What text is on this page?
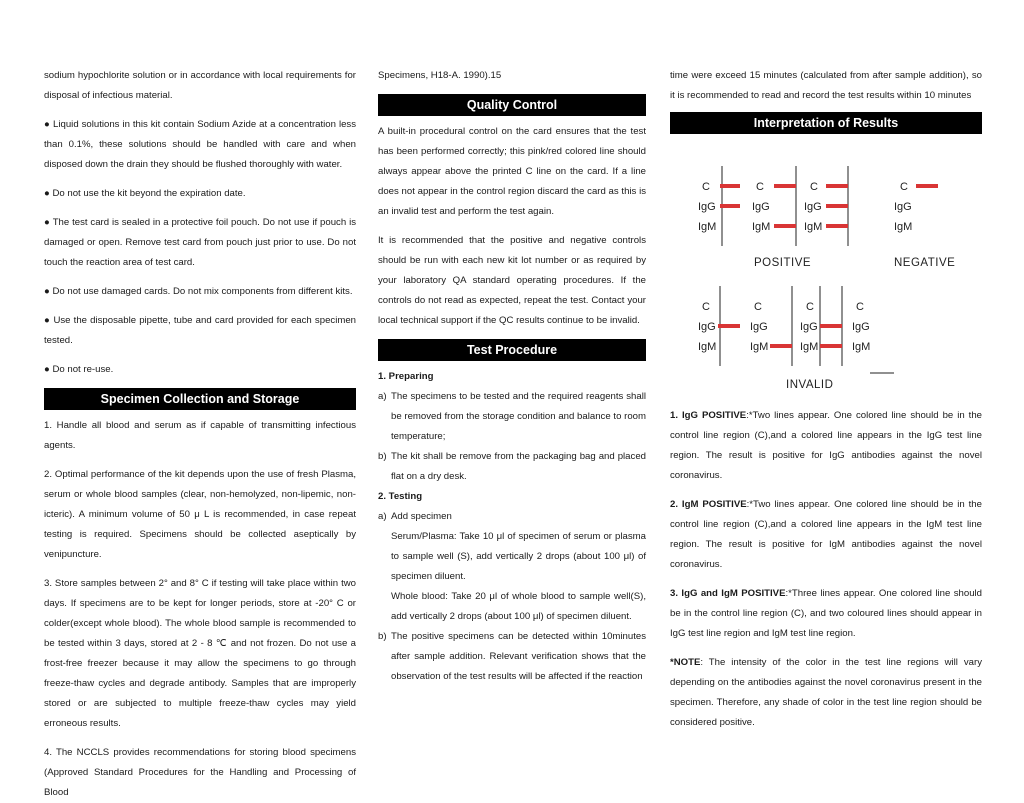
sodium hypochlorite solution or in accordance with local requirements for disposal of infectious material.

● Liquid solutions in this kit contain Sodium Azide at a concentration less than 0.1%, these solutions should be handled with care and when disposed down the drain they should be flushed thoroughly with water.

● Do not use the kit beyond the expiration date.

● The test card is sealed in a protective foil pouch. Do not use if pouch is damaged or open. Remove test card from pouch just prior to use. Do not touch the reaction area of test card.

● Do not use damaged cards. Do not mix components from different kits.

● Use the disposable pipette, tube and card provided for each specimen tested.

● Do not re-use.

Specimen Collection and Storage

1. Handle all blood and serum as if capable of transmitting infectious agents.

2. Optimal performance of the kit depends upon the use of fresh Plasma, serum or whole blood samples (clear, non-hemolyzed, non-lipemic, non-icteric). A minimum volume of 50 μ L is recommended, in case repeat testing is required. Specimens should be collected aseptically by venipuncture.

3. Store samples between 2° and 8° C if testing will take place within two days. If specimens are to be kept for longer periods, store at -20° C or colder(except whole blood). The whole blood sample is recommended to be tested within 3 days, stored at 2 - 8 ℃ and not frozen. Do not use a frost-free freezer because it may allow the specimens to go through freeze-thaw cycles and degrade antibody. Samples that are improperly stored or are subjected to multiple freeze-thaw cycles may yield erroneous results.

4. The NCCLS provides recommendations for storing blood specimens (Approved Standard Procedures for the Handling and Processing of Blood

Specimens, H18-A. 1990).15

Quality Control

A built-in procedural control on the card ensures that the test has been performed correctly; this pink/red colored line should always appear above the printed C line on the card. If a line does not appear in the control region discard the card as this is an invalid test and perform the test again.

It is recommended that the positive and negative controls should be run with each new kit lot number or as required by your laboratory QA standard operating procedures. If the controls do not read as expected, repeat the test. Contact your local technical support if the QC results continue to be invalid.

Test Procedure

1. Preparing

a) The specimens to be tested and the required reagents shall be removed from the storage condition and balance to room temperature;

b) The kit shall be remove from the packaging bag and placed flat on a dry desk.

2. Testing

a) Add specimen

Serum/Plasma: Take 10 μl of specimen of serum or plasma to sample well (S), add vertically 2 drops (about 100 μl) of specimen diluent.

Whole blood: Take 20 μl of whole blood to sample well(S), add vertically 2 drops (about 100 μl) of specimen diluent.

b) The positive specimens can be detected within 10minutes after sample addition. Relevant verification shows that the observation of the test results will be affected if the reaction

time were exceed 15 minutes (calculated from after sample addition), so it is recommended to read and record the test results within 10 minutes

Interpretation of Results
C
IgG
IgM
C
IgG
IgM
C
IgG
IgM
C
IgG
IgM
POSITIVE	NEGATIVE
C
IgG
IgM
C
IgG
IgM
C
IgG
IgM
C
IgG
IgM
INVALID

1. IgG POSITIVE:*Two lines appear. One colored line should be in the control line region (C),and a colored line appears in the IgG test line region. The result is positive for IgG antibodies against the novel coronavirus.

2. IgM POSITIVE:*Two lines appear. One colored line should be in the control line region (C),and a colored line appears in the IgM test line region. The result is positive for IgM antibodies against the novel coronavirus.

3. IgG and IgM POSITIVE:*Three lines appear. One colored line should be in the control line region (C), and two coloured lines should appear in IgG test line region and IgM test line region.

*NOTE: The intensity of the color in the test line regions will vary depending on the antibodies against the novel coronavirus present in the specimen. Therefore, any shade of color in the test line region should be considered positive.
